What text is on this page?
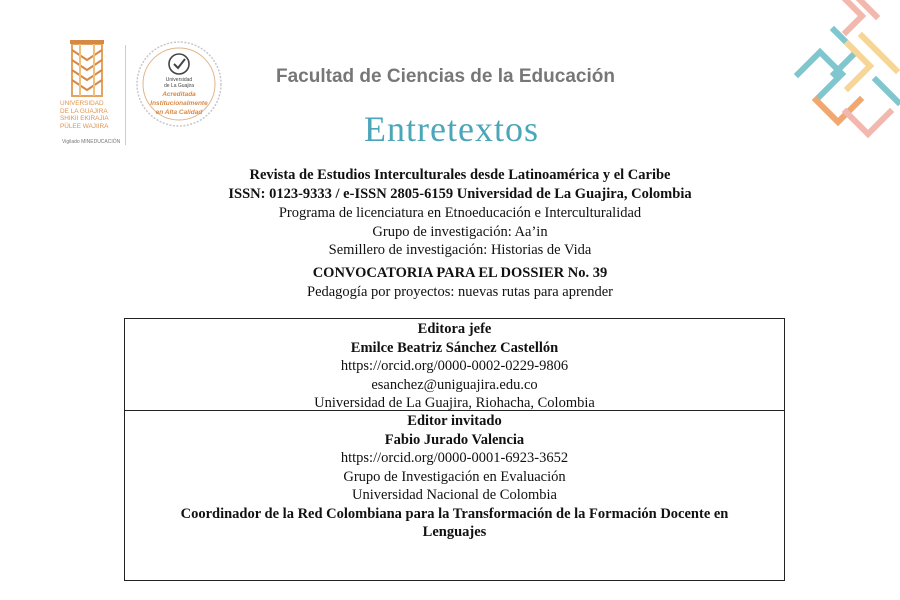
UNIVERSIDAD
DE LA GUAJIRA
SHIKII EKIRAJIA
PÜLEE WAJIIRA
Vigilado MINEDUCACIÓN
Universidad
de La Guajira
Acreditada
Institucionalmente
en Alta Calidad
Facultad de Ciencias de la Educación
Entretextos
Revista de Estudios Interculturales desde Latinoamérica y el Caribe
ISSN: 0123-9333 / e-ISSN 2805-6159 Universidad de La Guajira, Colombia
Programa de licenciatura en Etnoeducación e Interculturalidad
Grupo de investigación: Aa’in
Semillero de investigación: Historias de Vida
CONVOCATORIA PARA EL DOSSIER No. 39
Pedagogía por proyectos: nuevas rutas para aprender
Editora jefe
Emilce Beatriz Sánchez Castellón
https://orcid.org/0000-0002-0229-9806
esanchez@uniguajira.edu.co
Universidad de La Guajira, Riohacha, Colombia
Editor invitado
Fabio Jurado Valencia
https://orcid.org/0000-0001-6923-3652
Grupo de Investigación en Evaluación
Universidad Nacional de Colombia
Coordinador de la Red Colombiana para la Transformación de la Formación Docente en Lenguajes
